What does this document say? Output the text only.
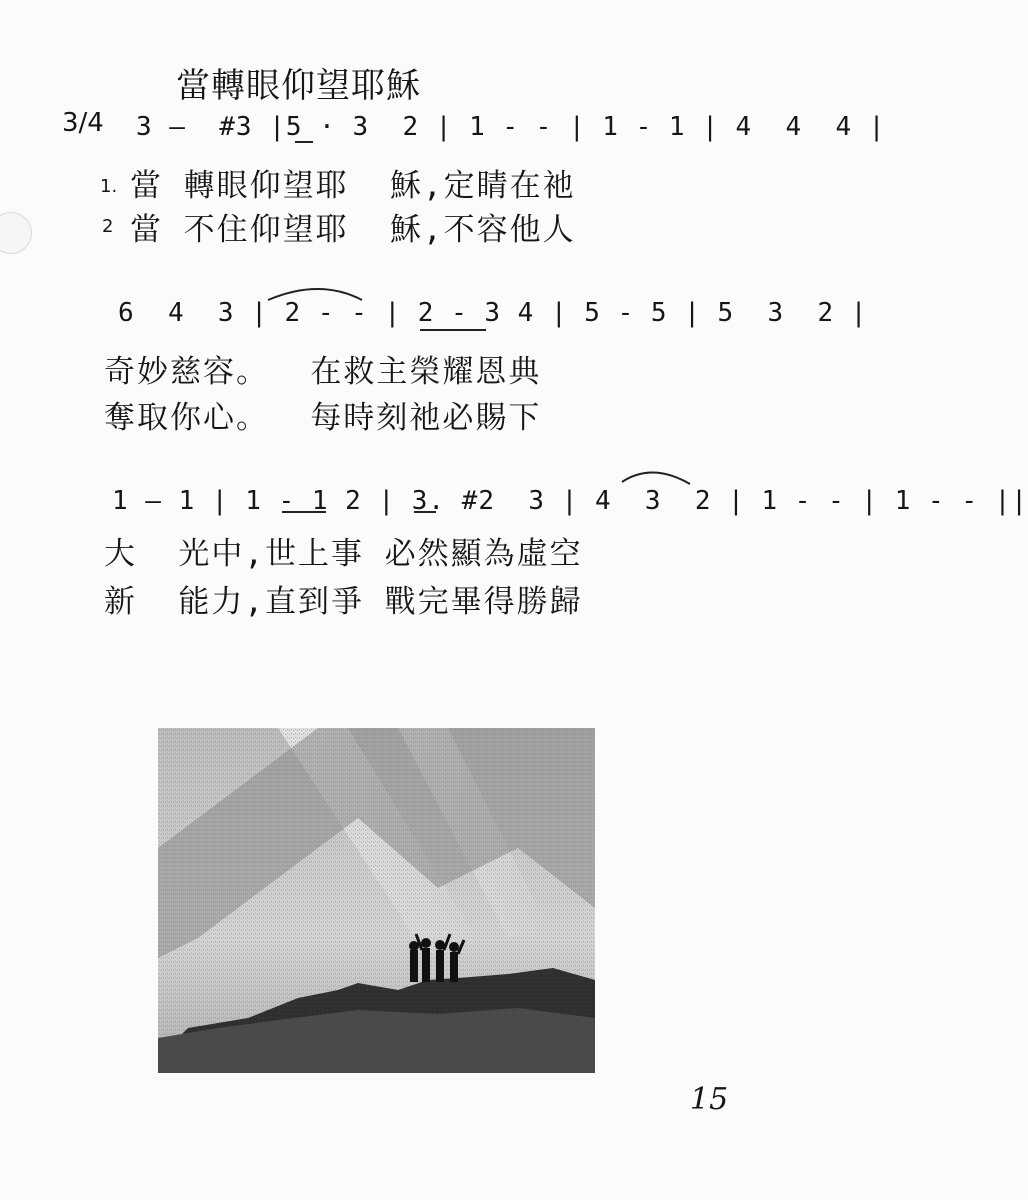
當轉眼仰望耶穌
3/4 3 —  #3 |5 · 3  2 | 1 - - | 1 - 1 | 4  4  4 |
1. 當 轉眼仰望耶  穌,定睛在祂
2 當 不住仰望耶  穌,不容他人
6  4  3 | 2 - - | 2 - 3 4 | 5 - 5 | 5  3  2 |
奇妙慈容。  在救主榮耀恩典
奪取你心。  每時刻祂必賜下
1 — 1 | 1 - 1 2 | 3. #2  3 | 4  3  2 | 1 - - | 1 - - ||
大  光中,世上事 必然顯為虛空
新  能力,直到爭 戰完畢得勝歸
15
